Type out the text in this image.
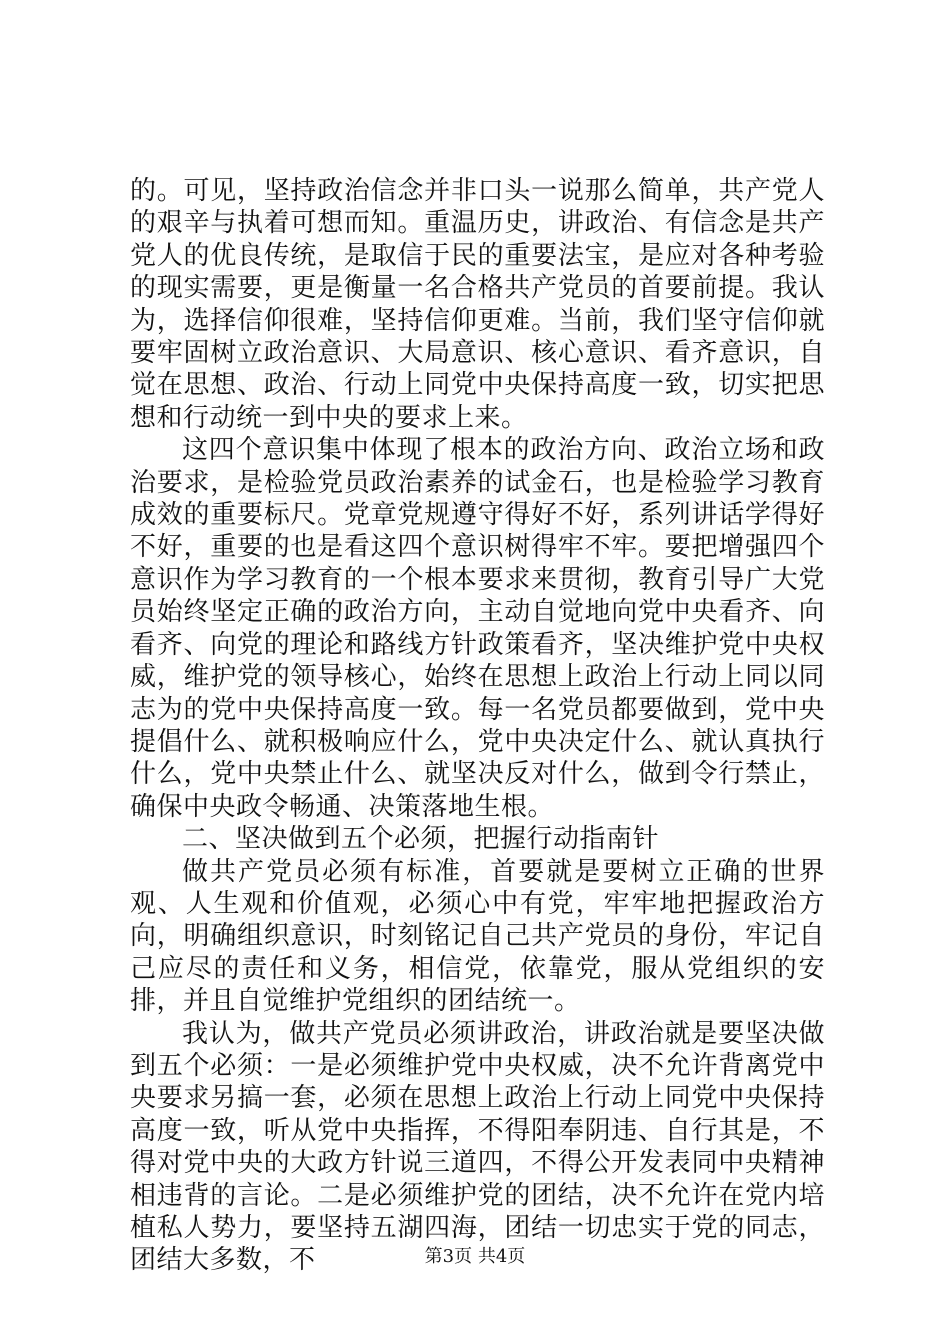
的。可见，坚持政治信念并非口头一说那么简单，共产党人的艰辛与执着可想而知。重温历史，讲政治、有信念是共产党人的优良传统，是取信于民的重要法宝，是应对各种考验的现实需要，更是衡量一名合格共产党员的首要前提。我认为，选择信仰很难，坚持信仰更难。当前，我们坚守信仰就要牢固树立政治意识、大局意识、核心意识、看齐意识，自觉在思想、政治、行动上同党中央保持高度一致，切实把思想和行动统一到中央的要求上来。

这四个意识集中体现了根本的政治方向、政治立场和政治要求，是检验党员政治素养的试金石，也是检验学习教育成效的重要标尺。党章党规遵守得好不好，系列讲话学得好不好，重要的也是看这四个意识树得牢不牢。要把增强四个意识作为学习教育的一个根本要求来贯彻，教育引导广大党员始终坚定正确的政治方向，主动自觉地向党中央看齐、向看齐、向党的理论和路线方针政策看齐，坚决维护党中央权威，维护党的领导核心，始终在思想上政治上行动上同以同志为的党中央保持高度一致。每一名党员都要做到，党中央提倡什么、就积极响应什么，党中央决定什么、就认真执行什么，党中央禁止什么、就坚决反对什么，做到令行禁止，确保中央政令畅通、决策落地生根。

二、坚决做到五个必须，把握行动指南针

做共产党员必须有标准，首要就是要树立正确的世界观、人生观和价值观，必须心中有党，牢牢地把握政治方向，明确组织意识，时刻铭记自己共产党员的身份，牢记自己应尽的责任和义务，相信党，依靠党，服从党组织的安排，并且自觉维护党组织的团结统一。

我认为，做共产党员必须讲政治，讲政治就是要坚决做到五个必须：一是必须维护党中央权威，决不允许背离党中央要求另搞一套，必须在思想上政治上行动上同党中央保持高度一致，听从党中央指挥，不得阳奉阴违、自行其是，不得对党中央的大政方针说三道四，不得公开发表同中央精神相违背的言论。二是必须维护党的团结，决不允许在党内培植私人势力，要坚持五湖四海，团结一切忠实于党的同志，团结大多数，不	第3页 共4页
